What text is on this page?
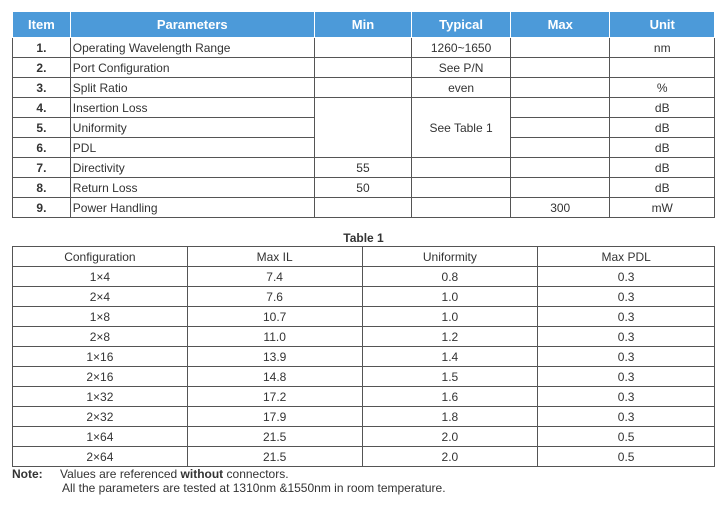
Item	Parameters	Min	Typical	Max	Unit
1.	Operating Wavelength Range		1260~1650		nm
2.	Port Configuration		See P/N		
3.	Split Ratio		even		%
4.	Insertion Loss		See Table 1		dB
5.	Uniformity				dB
6.	PDL				dB
7.	Directivity	55			dB
8.	Return Loss	50			dB
9.	Power Handling			300	mW
Table 1
Configuration	Max IL	Uniformity	Max PDL
1×4	7.4	0.8	0.3
2×4	7.6	1.0	0.3
1×8	10.7	1.0	0.3
2×8	11.0	1.2	0.3
1×16	13.9	1.4	0.3
2×16	14.8	1.5	0.3
1×32	17.2	1.6	0.3
2×32	17.9	1.8	0.3
1×64	21.5	2.0	0.5
2×64	21.5	2.0	0.5
Note: Values are referenced without connectors.
All the parameters are tested at 1310nm &1550nm in room temperature.
